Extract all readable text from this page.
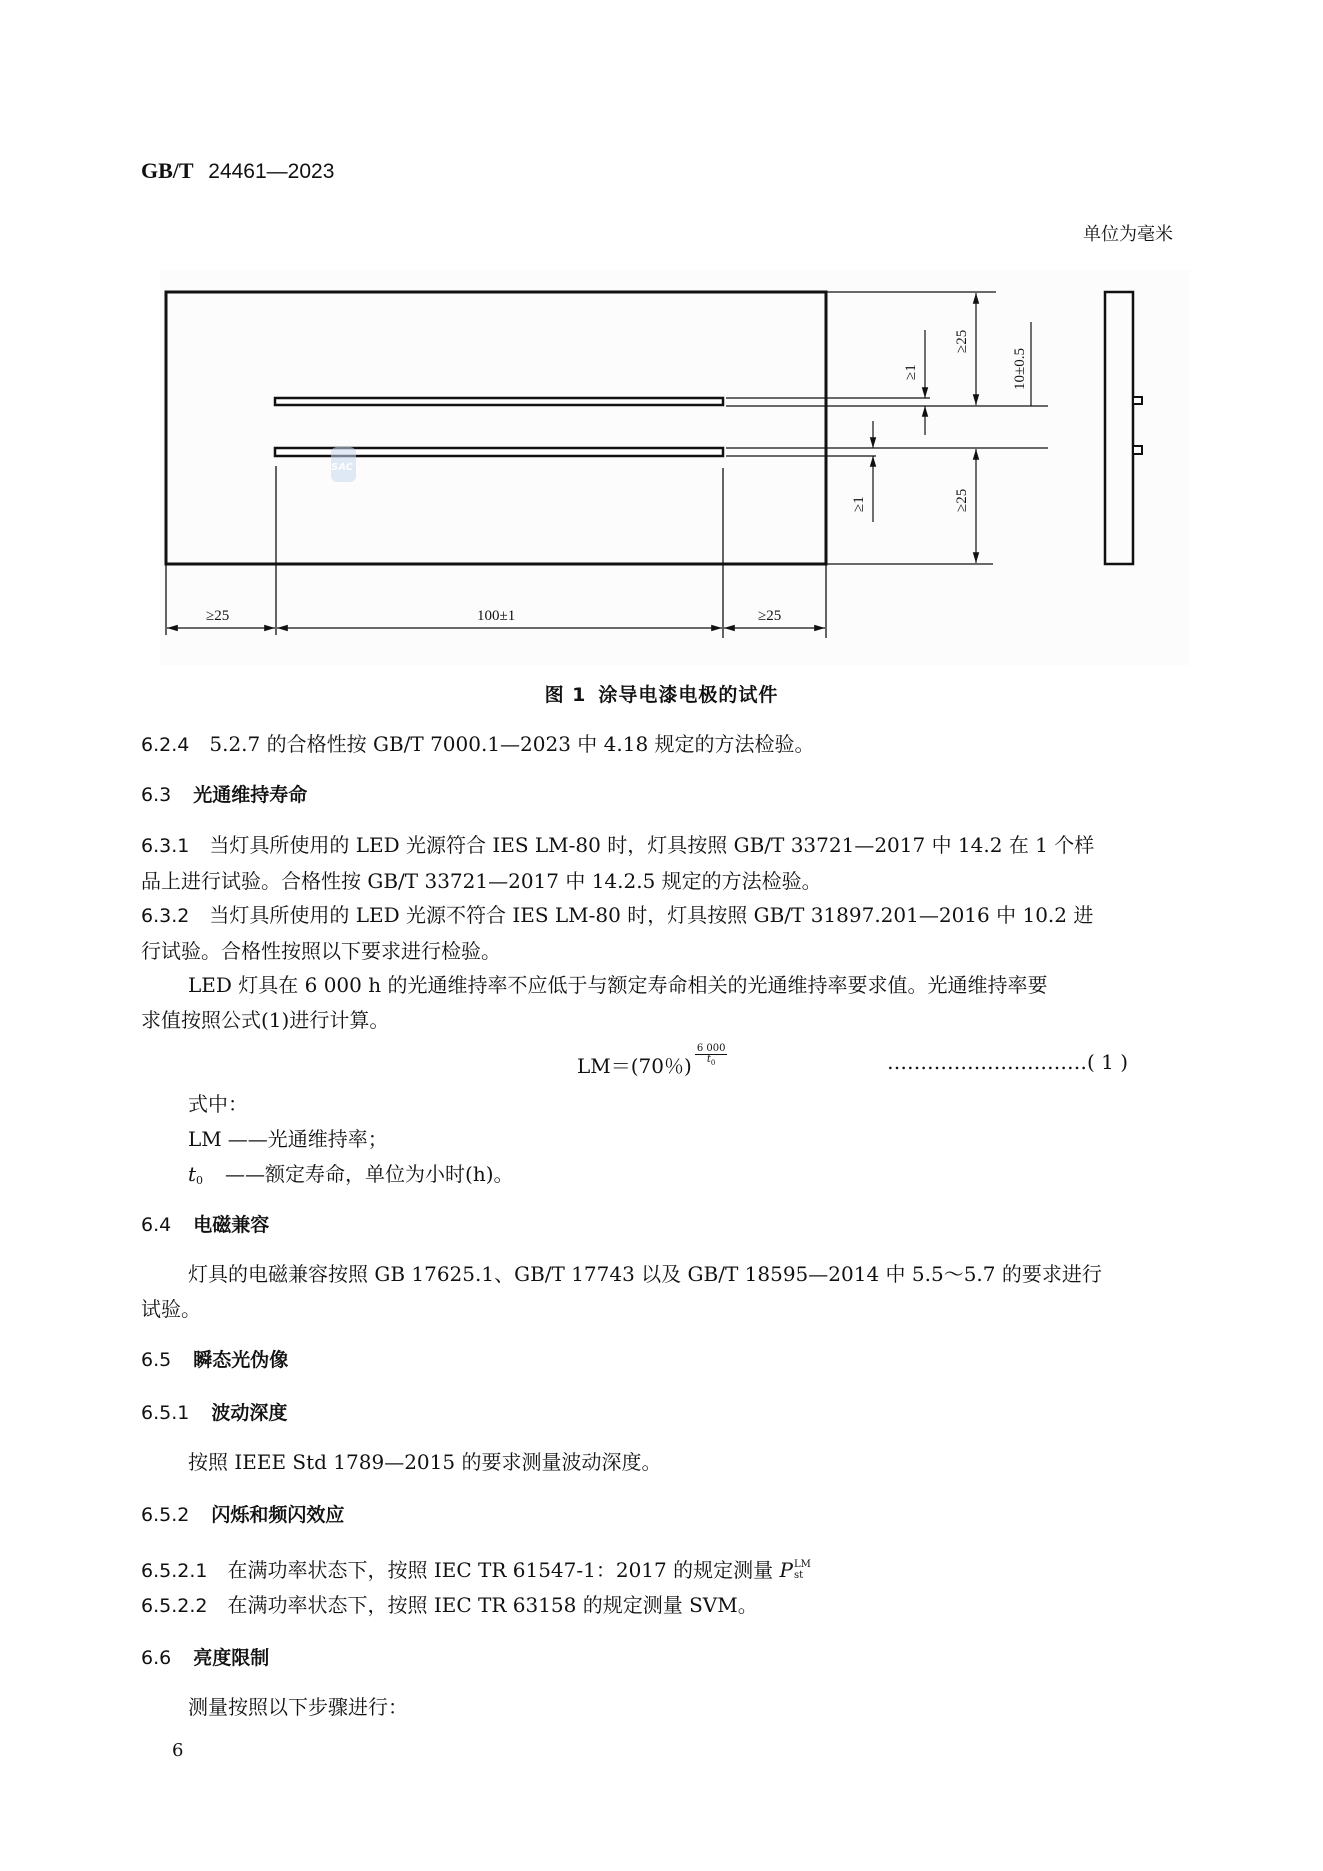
GB/T 24461—2023
单位为毫米
SAC
≥25	100±1	≥25
≥25
≥25
≥1
≥1
10±0.5
图 1 涂导电漆电极的试件
6.2.4 5.2.7 的合格性按 GB/T 7000.1—2023 中 4.18 规定的方法检验。
6.3 光通维持寿命
6.3.1 当灯具所使用的 LED 光源符合 IES LM-80 时，灯具按照 GB/T 33721—2017 中 14.2 在 1 个样
品上进行试验。合格性按 GB/T 33721—2017 中 14.2.5 规定的方法检验。
6.3.2 当灯具所使用的 LED 光源不符合 IES LM-80 时，灯具按照 GB/T 31897.201—2016 中 10.2 进
行试验。合格性按照以下要求进行检验。
LED 灯具在 6 000 h 的光通维持率不应低于与额定寿命相关的光通维持率要求值。光通维持率要
求值按照公式(1)进行计算。
LM＝(70％) $\frac{6 000}{t_0}$	…………………………( 1 )
式中：
LM ——光通维持率；
$t_0$ ——额定寿命，单位为小时(h)。
6.4 电磁兼容
灯具的电磁兼容按照 GB 17625.1、GB/T 17743 以及 GB/T 18595—2014 中 5.5～5.7 的要求进行
试验。
6.5 瞬态光伪像
6.5.1 波动深度
按照 IEEE Std 1789—2015 的要求测量波动深度。
6.5.2 闪烁和频闪效应
6.5.2.1 在满功率状态下，按照 IEC TR 61547-1：2017 的规定测量 P LM
st
6.5.2.2 在满功率状态下，按照 IEC TR 63158 的规定测量 SVM。
6.6 亮度限制
测量按照以下步骤进行：
6
